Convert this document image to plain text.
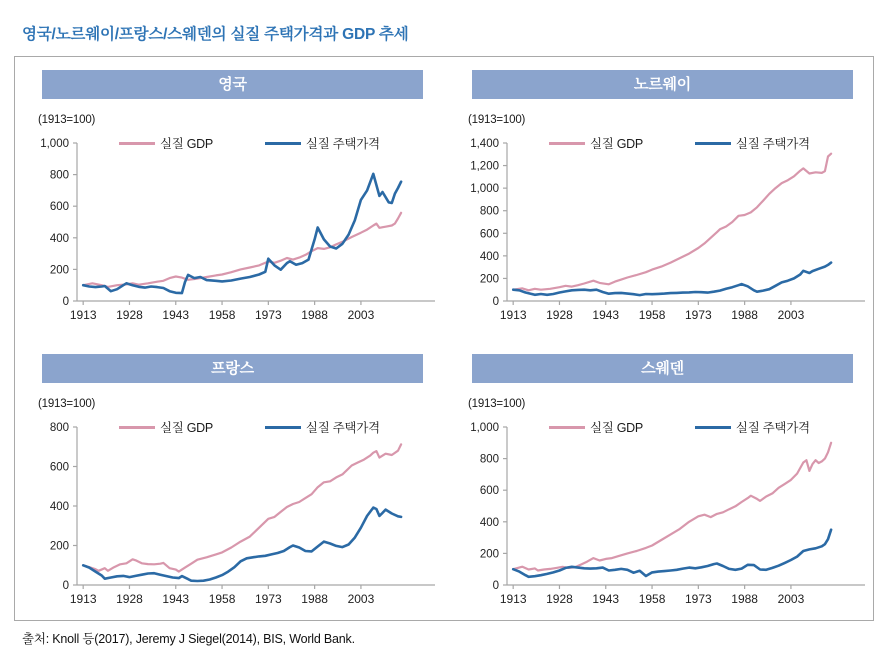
영국/노르웨이/프랑스/스웨덴의 실질 주택가격과 GDP 추세
영국
(1913=100)
실질 GDP	실질 주택가격
0
200
400
600
800
1,000
1913 1928 1943 1958 1973 1988 2003
노르웨이
(1913=100)
실질 GDP	실질 주택가격
0
200
400
600
800
1,000
1,200
1,400
1913 1928 1943 1958 1973 1988 2003
프랑스
(1913=100)
실질 GDP	실질 주택가격
0
200
400
600
800
1913 1928 1943 1958 1973 1988 2003
스웨덴
(1913=100)
실질 GDP	실질 주택가격
0
200
400
600
800
1,000
1913 1928 1943 1958 1973 1988 2003
출처: Knoll 등(2017), Jeremy J Siegel(2014), BIS, World Bank.
